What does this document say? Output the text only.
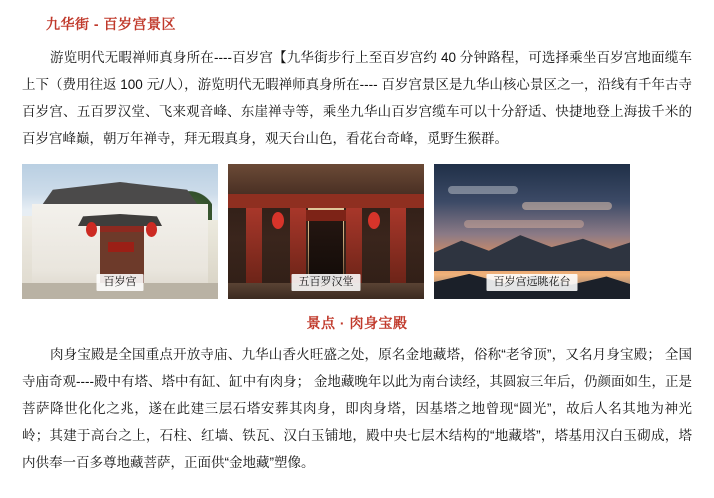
九华街 - 百岁宫景区

游览明代无暇禅师真身所在----百岁宫【九华街步行上至百岁宫约 40 分钟路程，可选择乘坐百岁宫地面缆车上下（费用往返 100 元/人），游览明代无暇禅师真身所在---- 百岁宫景区是九华山核心景区之一，沿线有千年古寺百岁宫、五百罗汉堂、飞来观音峰、东崖禅寺等，乘坐九华山百岁宫缆车可以十分舒适、快捷地登上海拔千米的百岁宫峰巅，朝万年禅寺，拜无瑕真身，观天台山色，看花台奇峰，觅野生猴群。

百岁宫	五百罗汉堂	百岁宫远眺花台
景点 · 肉身宝殿

肉身宝殿是全国重点开放寺庙、九华山香火旺盛之处，原名金地藏塔，俗称“老爷顶”，又名月身宝殿； 全国寺庙奇观----殿中有塔、塔中有缸、缸中有肉身； 金地藏晚年以此为南台读经，其圆寂三年后，仍颜面如生，正是菩萨降世化化之兆，遂在此建三层石塔安葬其肉身，即肉身塔，因基塔之地曾现“圆光”，故后人名其地为神光岭；其建于高台之上，石柱、红墙、铁瓦、汉白玉铺地，殿中央七层木结构的“地藏塔”，塔基用汉白玉砌成，塔内供奉一百多尊地藏菩萨，正面供“金地藏”塑像。
